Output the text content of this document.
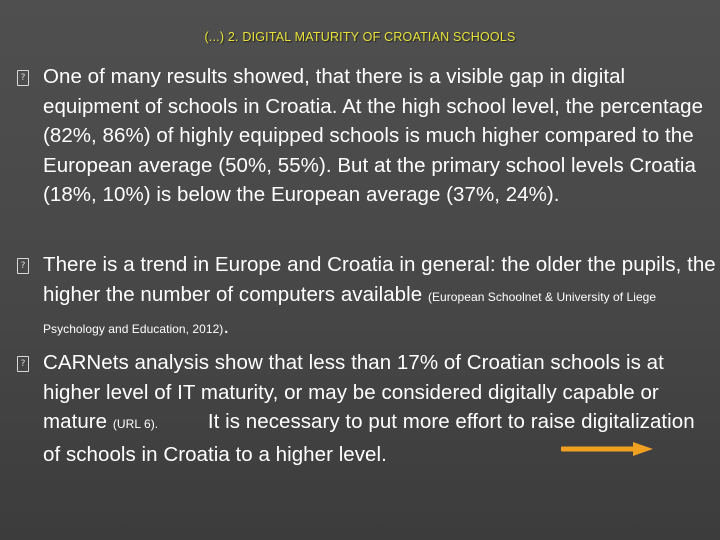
(...) 2. DIGITAL MATURITY OF CROATIAN SCHOOLS
? One of many results showed, that there is a visible gap in digital equipment of schools in Croatia. At the high school level, the percentage (82%, 86%) of highly equipped schools is much higher compared to the European average (50%, 55%). But at the primary school levels Croatia (18%, 10%) is below the European average (37%, 24%).
? There is a trend in Europe and Croatia in general: the older the pupils, the higher the number of computers available (European Schoolnet & University of Liege Psychology and Education, 2012).
? CARNets analysis show that less than 17% of Croatian schools is at higher level of IT maturity, or may be considered digitally capable or mature (URL 6). It is necessary to put more effort to raise digitalization of schools in Croatia to a higher level.
